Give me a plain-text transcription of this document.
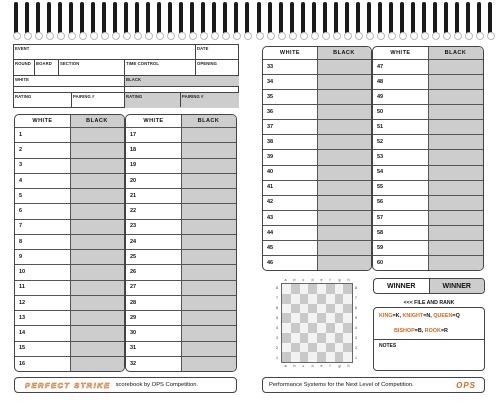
EVENT	DATE
ROUND BOARD SECTION	TIME CONTROL	OPENING
WHITE	BLACK
RATING	PAIRING #	RATING	PAIRING #
WHITE	BLACK
1
2
3
4
5
6
7
8
9
10
11
12
13
14
15
16
WHITE	BLACK
17
18
19
20
21
22
23
24
25
26
27
28
29
30
31
32
PERFECT STRIKE scorebook by OPS Competition.
WHITE	BLACK
33
34
35
36
37
38
39
40
41
42
43
44
45
46
WHITE	BLACK
47
48
49
50
51
52
53
54
55
56
57
58
59
60
WINNER	WINNER
<<< FILE AND RANK
KING=K, KNIGHT=N, QUEEN=Q
BISHOP=B, ROOK=R
NOTES
Performance Systems for the Next Level of Competition.	OPS
a
a
b
b
c
c
d
d
e
e
f
f
g
g
h
h
8	8
7	7
6	6
5	5
4	4
3	3
2	2
1	1
